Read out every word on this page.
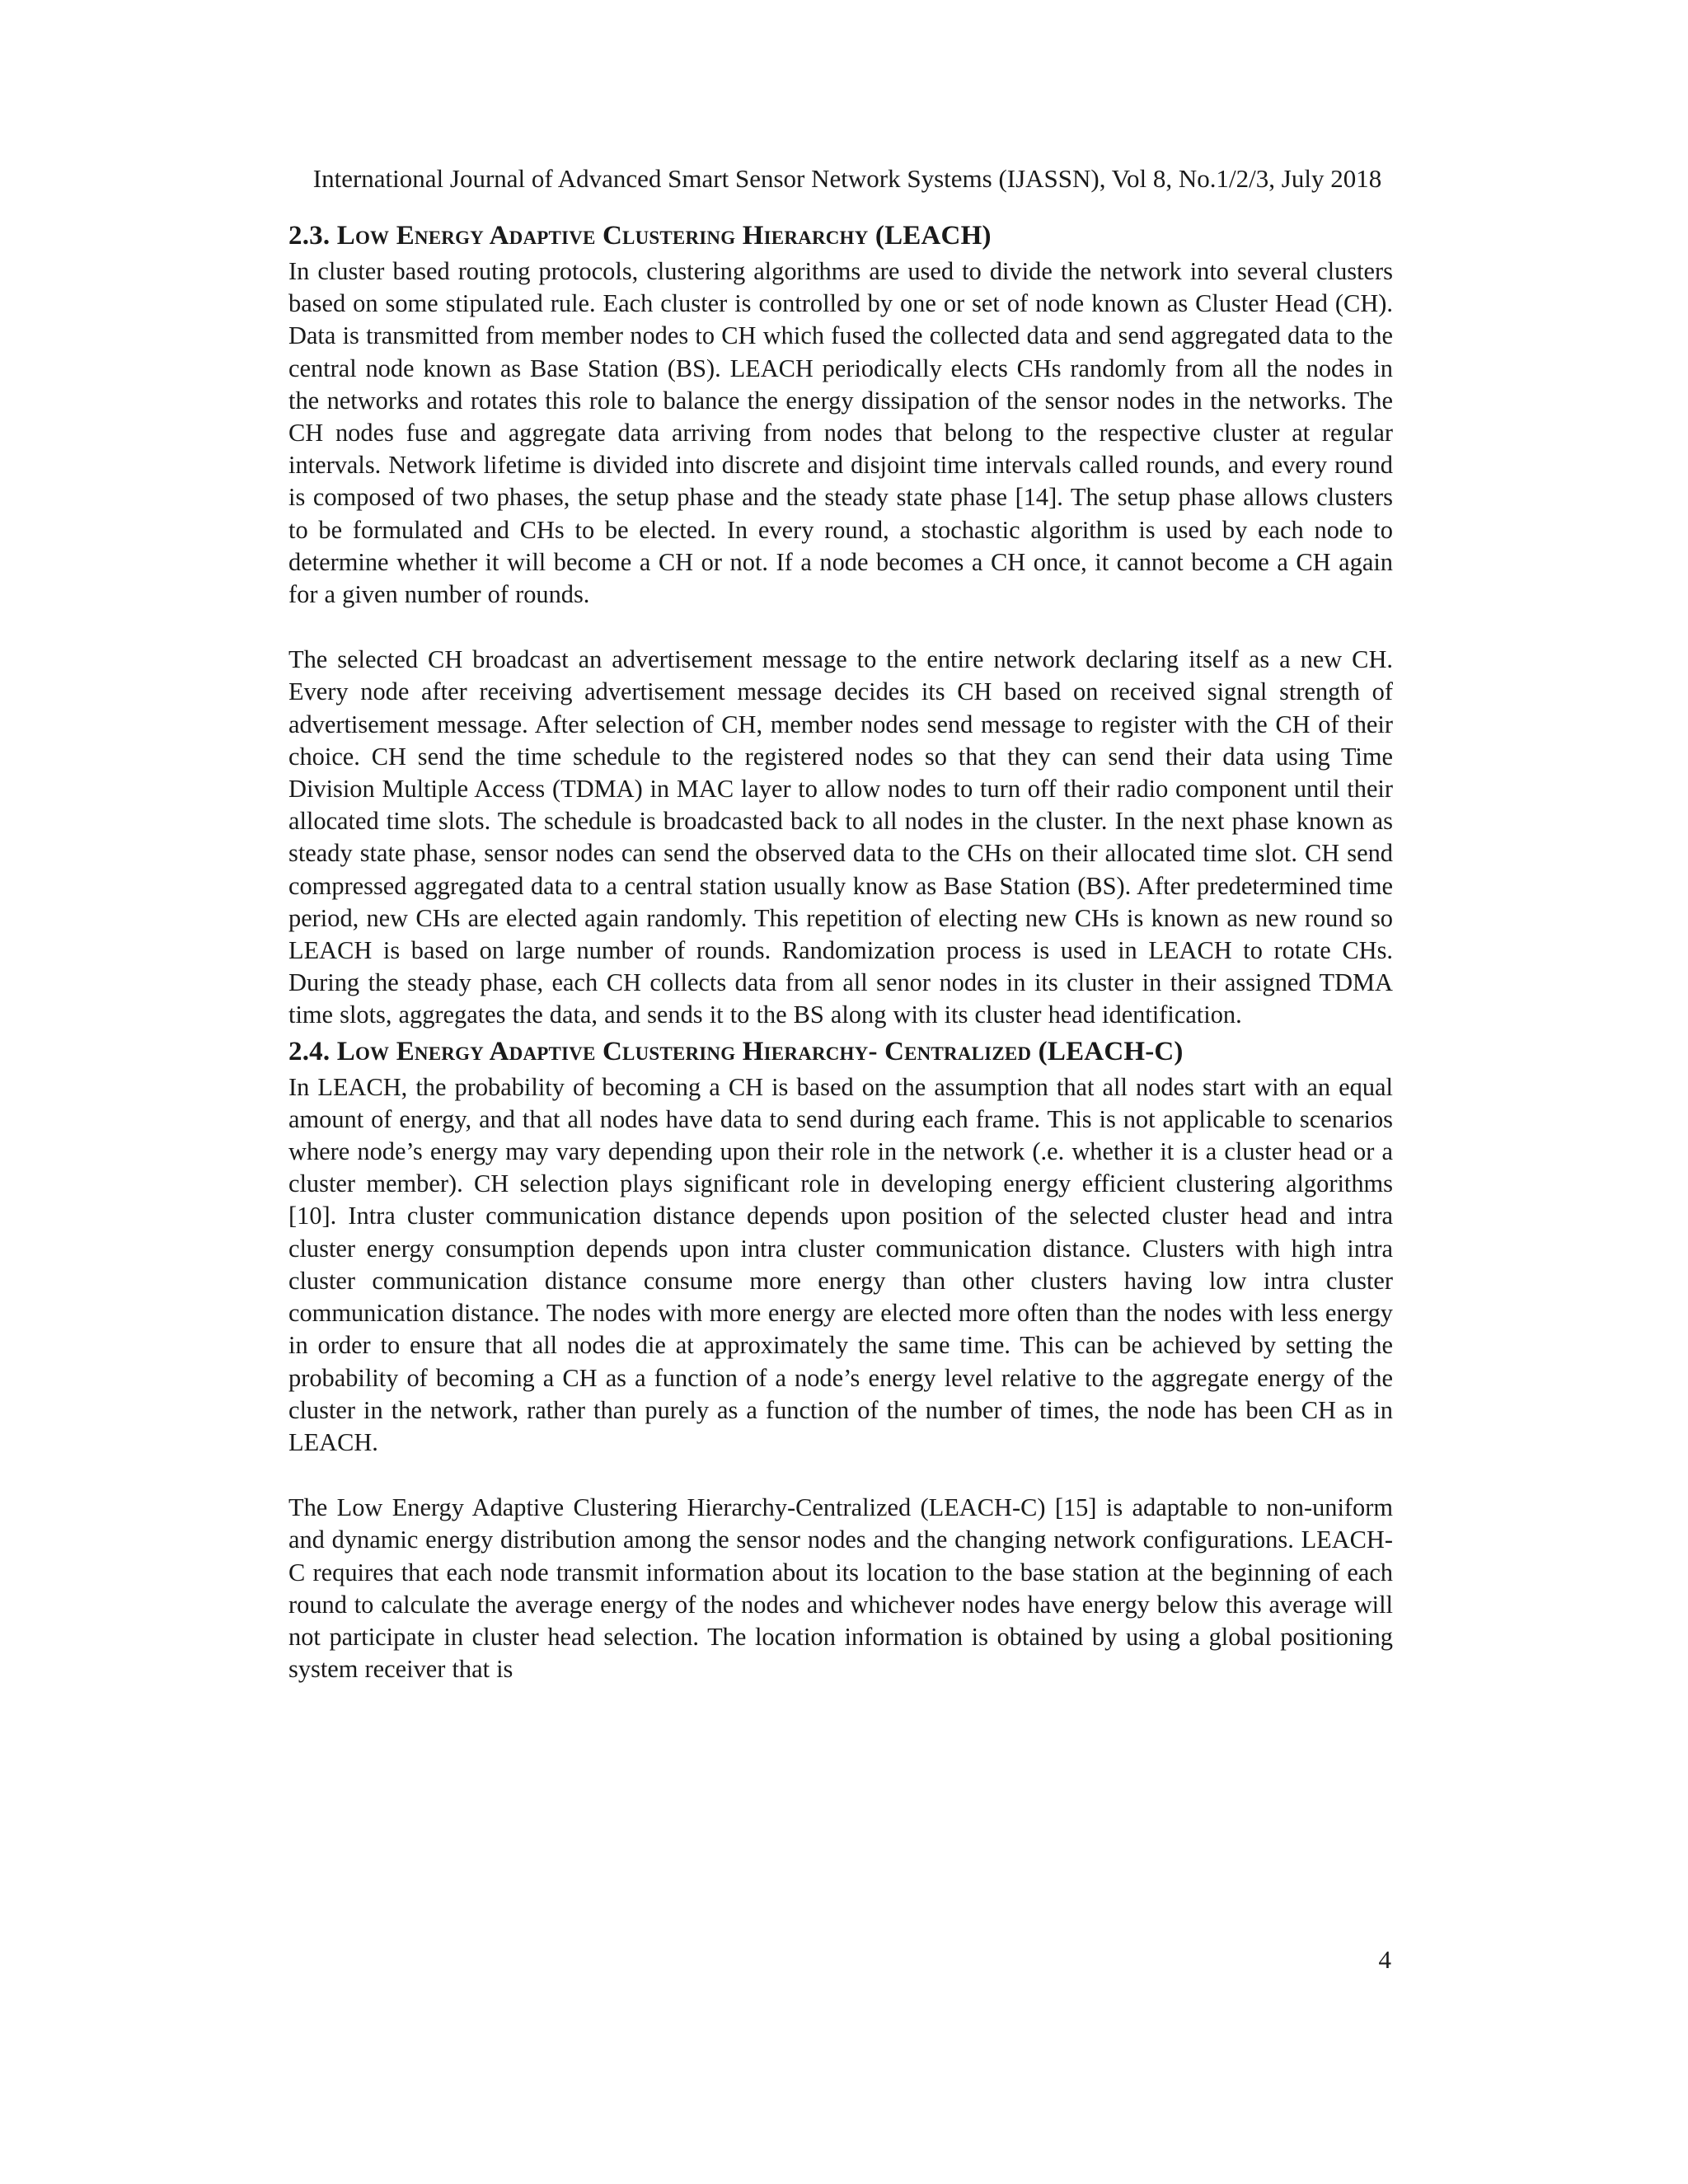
International Journal of Advanced Smart Sensor Network Systems (IJASSN), Vol 8, No.1/2/3, July 2018
2.3. Low Energy Adaptive Clustering Hierarchy (LEACH)

In cluster based routing protocols, clustering algorithms are used to divide the network into several clusters based on some stipulated rule. Each cluster is controlled by one or set of node known as Cluster Head (CH). Data is transmitted from member nodes to CH which fused the collected data and send aggregated data to the central node known as Base Station (BS). LEACH periodically elects CHs randomly from all the nodes in the networks and rotates this role to balance the energy dissipation of the sensor nodes in the networks. The CH nodes fuse and aggregate data arriving from nodes that belong to the respective cluster at regular intervals. Network lifetime is divided into discrete and disjoint time intervals called rounds, and every round is composed of two phases, the setup phase and the steady state phase [14]. The setup phase allows clusters to be formulated and CHs to be elected. In every round, a stochastic algorithm is used by each node to determine whether it will become a CH or not. If a node becomes a CH once, it cannot become a CH again for a given number of rounds.

The selected CH broadcast an advertisement message to the entire network declaring itself as a new CH. Every node after receiving advertisement message decides its CH based on received signal strength of advertisement message. After selection of CH, member nodes send message to register with the CH of their choice. CH send the time schedule to the registered nodes so that they can send their data using Time Division Multiple Access (TDMA) in MAC layer to allow nodes to turn off their radio component until their allocated time slots. The schedule is broadcasted back to all nodes in the cluster. In the next phase known as steady state phase, sensor nodes can send the observed data to the CHs on their allocated time slot. CH send compressed aggregated data to a central station usually know as Base Station (BS). After predetermined time period, new CHs are elected again randomly. This repetition of electing new CHs is known as new round so LEACH is based on large number of rounds. Randomization process is used in LEACH to rotate CHs. During the steady phase, each CH collects data from all senor nodes in its cluster in their assigned TDMA time slots, aggregates the data, and sends it to the BS along with its cluster head identification.

2.4. Low Energy Adaptive Clustering Hierarchy- Centralized (LEACH-C)

In LEACH, the probability of becoming a CH is based on the assumption that all nodes start with an equal amount of energy, and that all nodes have data to send during each frame. This is not applicable to scenarios where node’s energy may vary depending upon their role in the network (.e. whether it is a cluster head or a cluster member). CH selection plays significant role in developing energy efficient clustering algorithms [10]. Intra cluster communication distance depends upon position of the selected cluster head and intra cluster energy consumption depends upon intra cluster communication distance. Clusters with high intra cluster communication distance consume more energy than other clusters having low intra cluster communication distance. The nodes with more energy are elected more often than the nodes with less energy in order to ensure that all nodes die at approximately the same time. This can be achieved by setting the probability of becoming a CH as a function of a node’s energy level relative to the aggregate energy of the cluster in the network, rather than purely as a function of the number of times, the node has been CH as in LEACH.

The Low Energy Adaptive Clustering Hierarchy-Centralized (LEACH-C) [15] is adaptable to non-uniform and dynamic energy distribution among the sensor nodes and the changing network configurations. LEACH-C requires that each node transmit information about its location to the base station at the beginning of each round to calculate the average energy of the nodes and whichever nodes have energy below this average will not participate in cluster head selection. The location information is obtained by using a global positioning system receiver that is

4
